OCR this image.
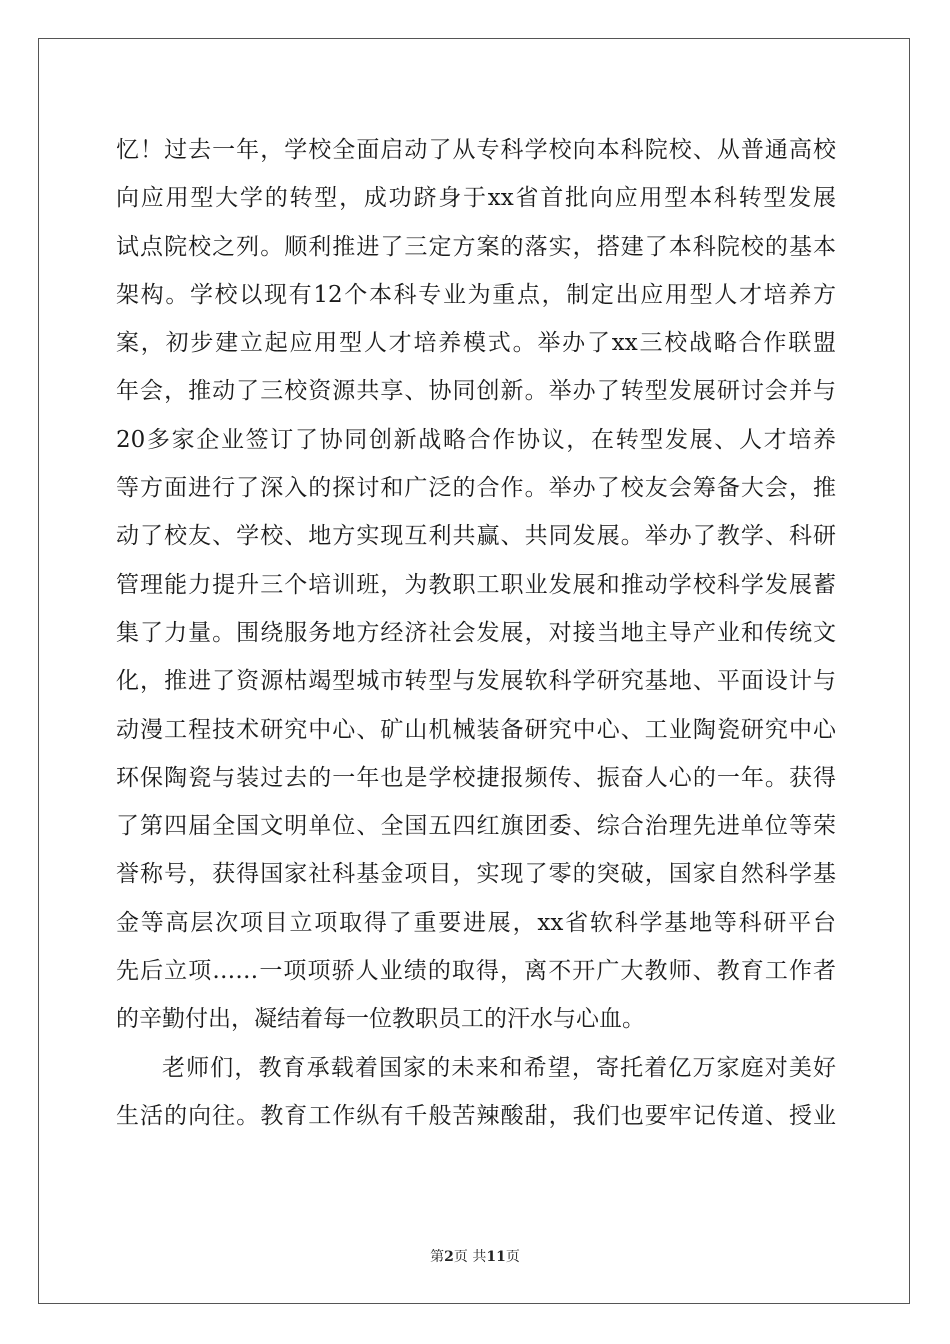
忆！过去一年，学校全面启动了从专科学校向本科院校、从普通高校
向应用型大学的转型，成功跻身于xx省首批向应用型本科转型发展
试点院校之列。顺利推进了三定方案的落实，搭建了本科院校的基本
架构。学校以现有12个本科专业为重点，制定出应用型人才培养方
案，初步建立起应用型人才培养模式。举办了xx三校战略合作联盟
年会，推动了三校资源共享、协同创新。举办了转型发展研讨会并与
20多家企业签订了协同创新战略合作协议，在转型发展、人才培养
等方面进行了深入的探讨和广泛的合作。举办了校友会筹备大会，推
动了校友、学校、地方实现互利共赢、共同发展。举办了教学、科研
管理能力提升三个培训班，为教职工职业发展和推动学校科学发展蓄
集了力量。围绕服务地方经济社会发展，对接当地主导产业和传统文
化，推进了资源枯竭型城市转型与发展软科学研究基地、平面设计与
动漫工程技术研究中心、矿山机械装备研究中心、工业陶瓷研究中心
环保陶瓷与装过去的一年也是学校捷报频传、振奋人心的一年。获得
了第四届全国文明单位、全国五四红旗团委、综合治理先进单位等荣
誉称号，获得国家社科基金项目，实现了零的突破，国家自然科学基
金等高层次项目立项取得了重要进展，xx省软科学基地等科研平台
先后立项……一项项骄人业绩的取得，离不开广大教师、教育工作者
的辛勤付出，凝结着每一位教职员工的汗水与心血。
老师们，教育承载着国家的未来和希望，寄托着亿万家庭对美好
生活的向往。教育工作纵有千般苦辣酸甜，我们也要牢记传道、授业
第2页 共11页
